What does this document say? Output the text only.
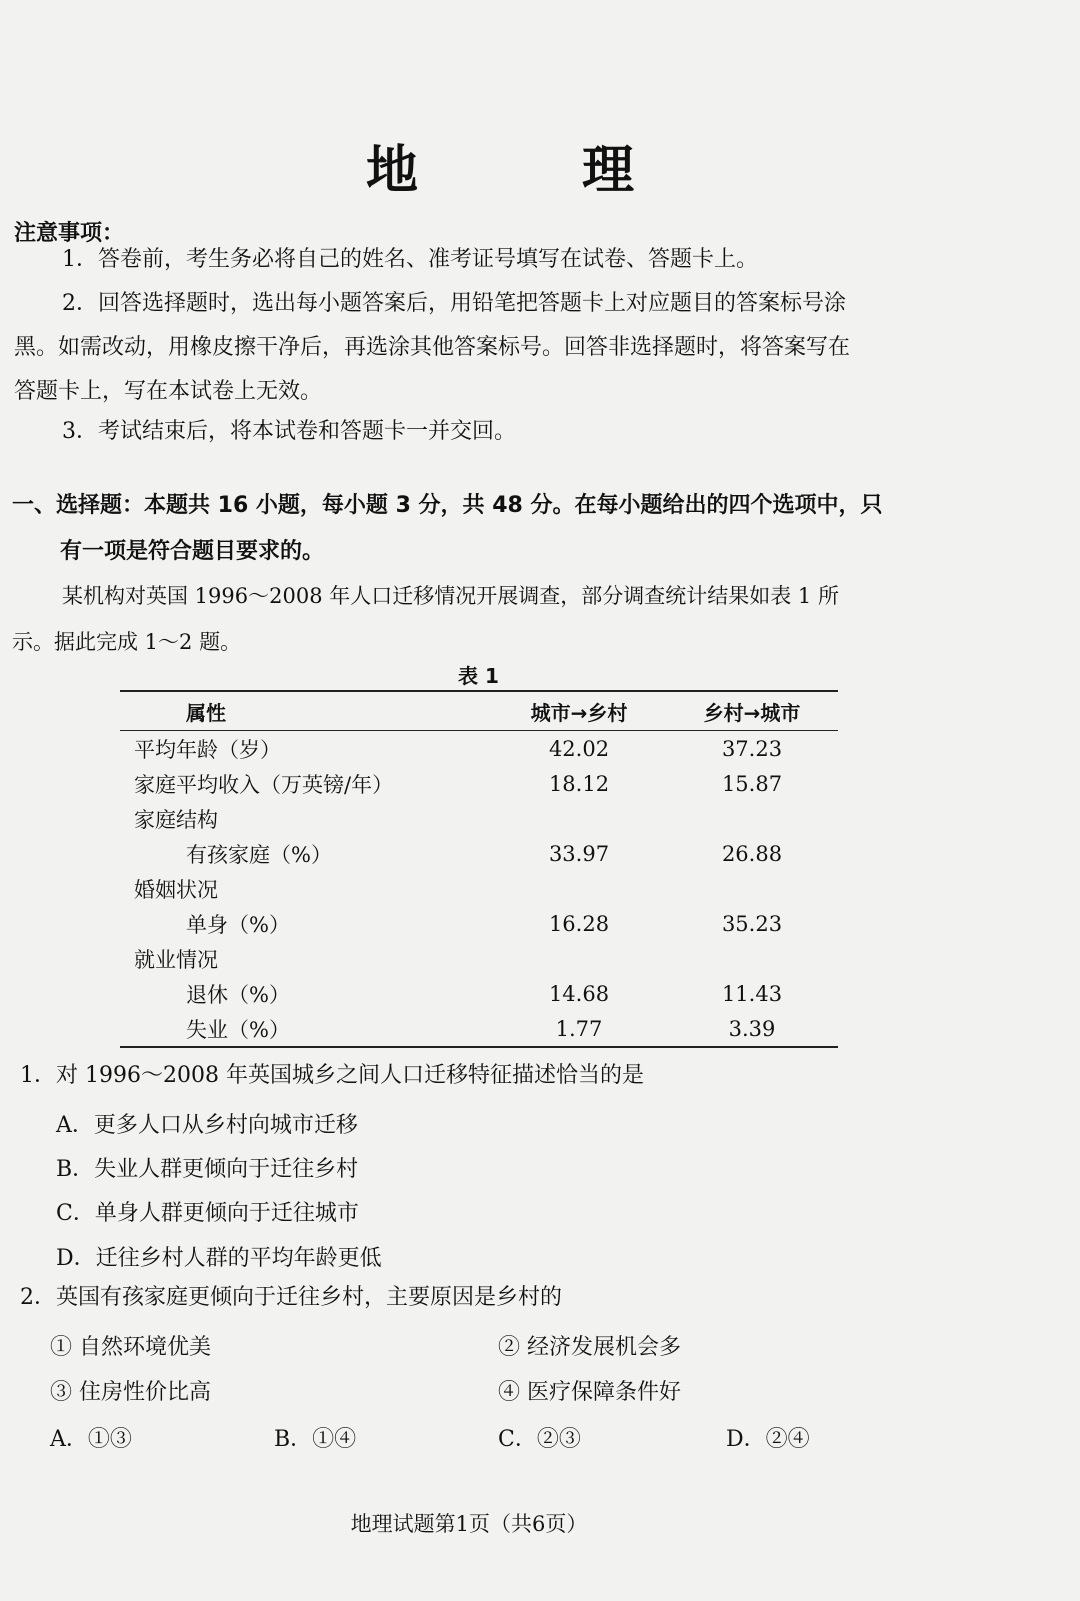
地　理
注意事项：
1．答卷前，考生务必将自己的姓名、准考证号填写在试卷、答题卡上。
2．回答选择题时，选出每小题答案后，用铅笔把答题卡上对应题目的答案标号涂
黑。如需改动，用橡皮擦干净后，再选涂其他答案标号。回答非选择题时，将答案写在
答题卡上，写在本试卷上无效。
3．考试结束后，将本试卷和答题卡一并交回。
一、选择题：本题共 16 小题，每小题 3 分，共 48 分。在每小题给出的四个选项中，只
有一项是符合题目要求的。
某机构对英国 1996～2008 年人口迁移情况开展调查，部分调查统计结果如表 1 所
示。据此完成 1～2 题。
表 1
属性	城市→乡村	乡村→城市
平均年龄（岁）	42.02	37.23
家庭平均收入（万英镑/年）	18.12	15.87
家庭结构
有孩家庭（%）	33.97	26.88
婚姻状况
单身（%）	16.28	35.23
就业情况
退休（%）	14.68	11.43
失业（%）	1.77	3.39
1．对 1996～2008 年英国城乡之间人口迁移特征描述恰当的是
A．更多人口从乡村向城市迁移
B．失业人群更倾向于迁往乡村
C．单身人群更倾向于迁往城市
D．迁往乡村人群的平均年龄更低
2．英国有孩家庭更倾向于迁往乡村，主要原因是乡村的
① 自然环境优美	② 经济发展机会多
③ 住房性价比高	④ 医疗保障条件好
A．①③	B．①④	C．②③	D．②④
地理试题第1页（共6页）
